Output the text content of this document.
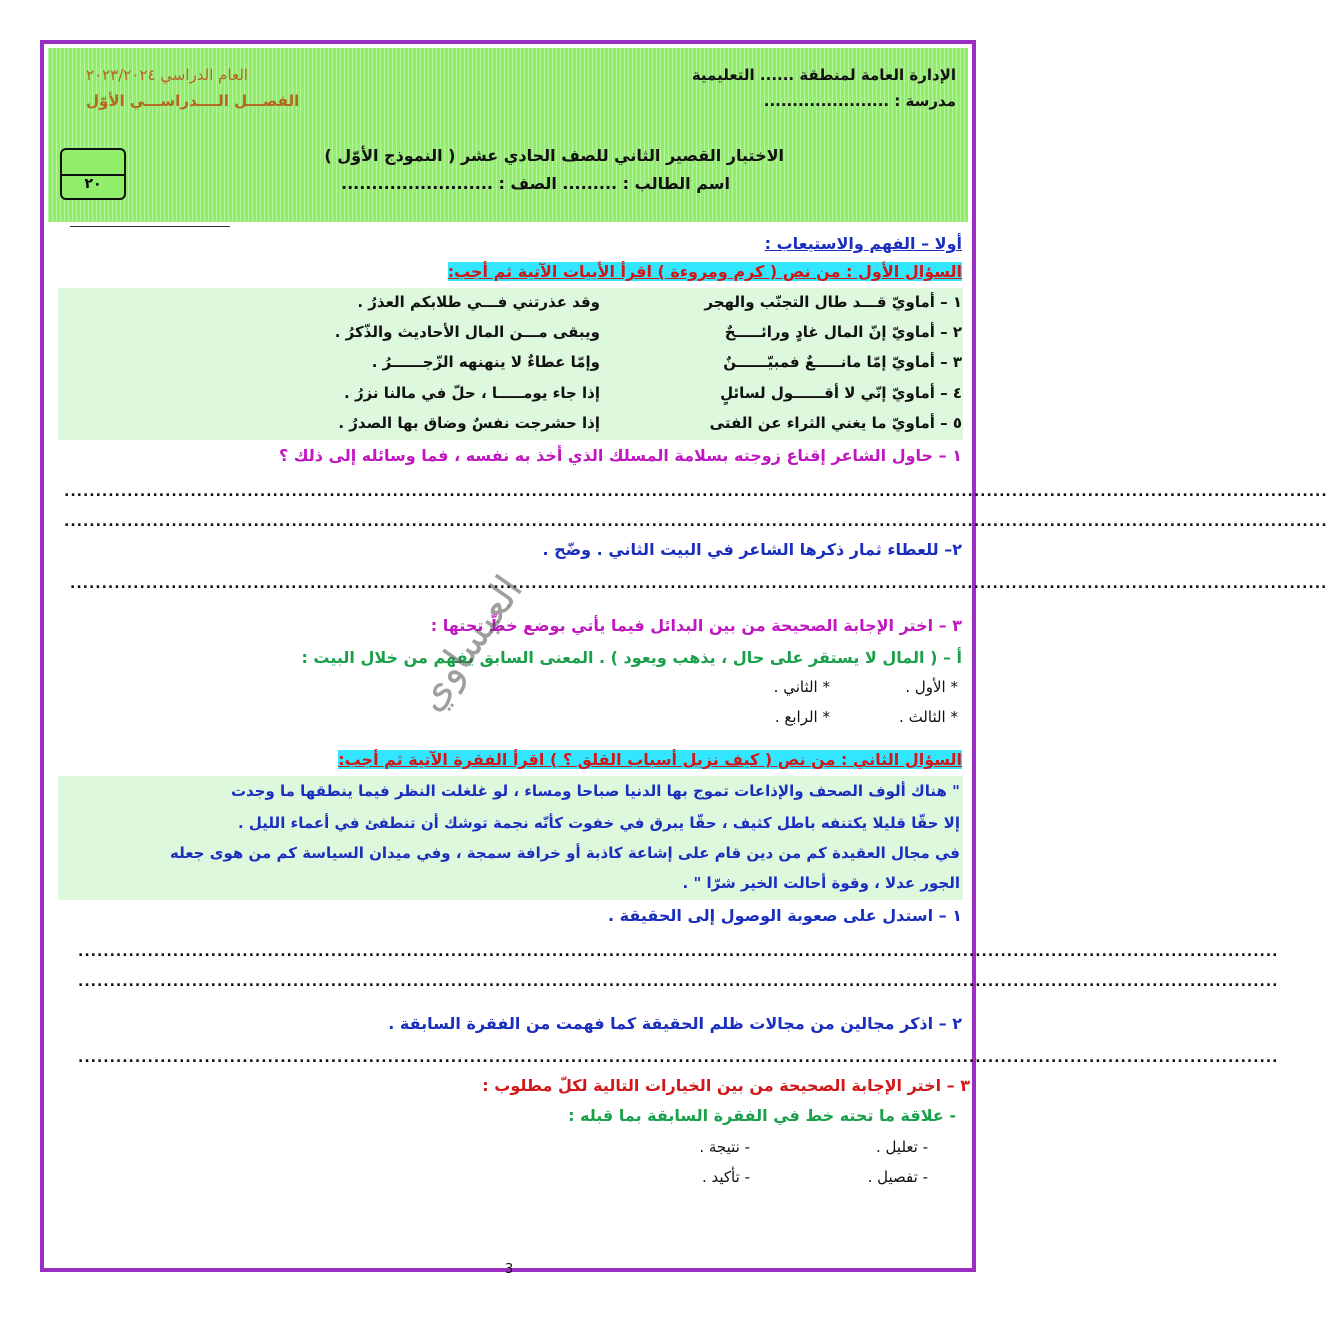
الإدارة العامة لمنطقة ...... التعليمية
مدرسة : ......................
العام الدراسي ٢٠٢٣/٢٠٢٤
الفصـــل الــــدراســـي الأوّل
الاختبار القصير الثاني للصف الحادي عشر ( النموذج الأوّل )
اسم الطالب : ......... الصف : .........................
٢٠
أولا – الفهم والاستيعاب :
السؤال الأول : من نص ( كرم ومروءة ) اقرأ الأبيات الآتية ثم أجب:
١ – أماويّ قـــد طال التجنّب والهجر
وقد عذرتني فـــي طلابكم العذرُ .
٢ – أماويّ إنّ المال غادٍ ورائـــــحٌ
ويبقى مـــن المال الأحاديث والذّكرُ .
٣ – أماويّ إمّا مانـــــعٌ فمبيّــــــنٌ
وإمّا عطاءٌ لا ينهنهه الزّجــــــرُ .
٤ – أماويّ إنّي لا أقــــــول لسائلٍ
إذا جاء يومـــــا ، حلّ في مالنا نزرُ .
٥ – أماويّ ما يغني الثراء عن الفتى
إذا حشرجت نفسٌ وضاق بها الصدرُ .
١ – حاول الشاعر إقناع زوجته بسلامة المسلك الذي أخذ به نفسه ، فما وسائله إلى ذلك ؟
........................................................................................................................................................................................................
........................................................................................................................................................................................................
٢– للعطاء ثمار ذكرها الشاعر في البيت الثاني . وضّح .
.......................................................................................................................................................................................................
٣ – اختر الإجابة الصحيحة من بين البدائل فيما يأتي بوضع خطّ تحتها :
أ – ( المال لا يستقر على حال ، يذهب ويعود ) . المعنى السابق يفهم من خلال البيت :
* الأول .
* الثاني .
* الثالث .
* الرابع .
العيساوي
السؤال الثاني : من نص ( كيف نزيل أسباب القلق ؟ ) اقرأ الفقرة الآتية ثم أجب:
" هناك ألوف الصحف والإذاعات تموج بها الدنيا صباحا ومساء ، لو غلغلت النظر فيما ينطقها ما وجدت
إلا حقّا قليلا يكتنفه باطل كثيف ، حقّا يبرق في خفوت كأنّه نجمة توشك أن تنطفئ في أعماء الليل .
في مجال العقيدة كم من دين قام على إشاعة كاذبة أو خرافة سمجة ، وفي ميدان السياسة كم من هوى جعله
الجور عدلا ، وقوة أحالت الخير شرّا " .
١ – استدل على صعوبة الوصول إلى الحقيقة .
..............................................................................................................................................................................................
..............................................................................................................................................................................................
٢ – اذكر مجالين من مجالات ظلم الحقيقة كما فهمت من الفقرة السابقة .
..............................................................................................................................................................................................
٣ – اختر الإجابة الصحيحة من بين الخيارات التالية لكلّ مطلوب :
- علاقة ما تحته خط في الفقرة السابقة بما قبله :
- تعليل .
- نتيجة .
- تفصيل .
- تأكيد .
3
